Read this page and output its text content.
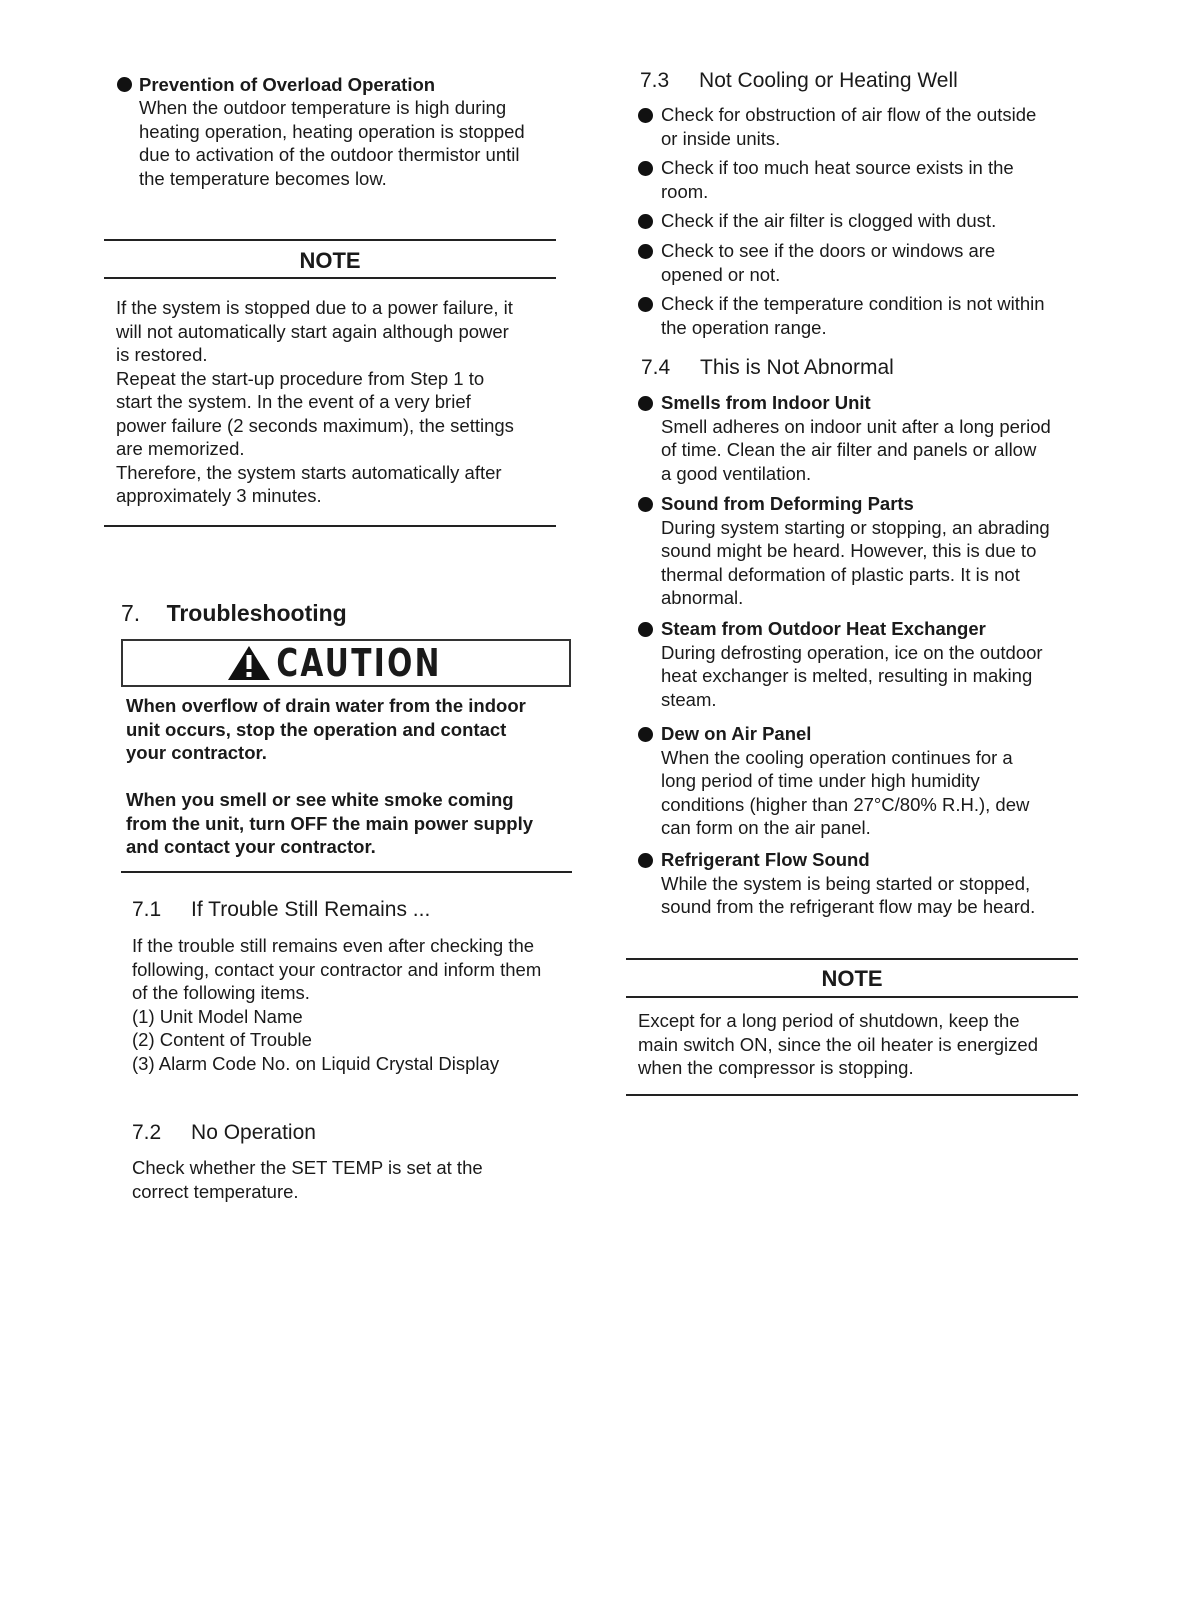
Prevention of Overload Operation
When the outdoor temperature is high during
heating operation, heating operation is stopped
due to activation of the outdoor thermistor until
the temperature becomes low.
NOTE
If the system is stopped due to a power failure, it
will not automatically start again although power
is restored.
Repeat the start-up procedure from Step 1 to
start the system. In the event of a very brief
power failure (2 seconds maximum), the settings
are memorized.
Therefore, the system starts automatically after
approximately 3 minutes.
7. Troubleshooting
CAUTION
When overflow of drain water from the indoor
unit occurs, stop the operation and contact
your contractor.
When you smell or see white smoke coming
from the unit, turn OFF the main power supply
and contact your contractor.
7.1 If Trouble Still Remains ...
If the trouble still remains even after checking the
following, contact your contractor and inform them
of the following items.
(1) Unit Model Name
(2) Content of Trouble
(3) Alarm Code No. on Liquid Crystal Display
7.2 No Operation
Check whether the SET TEMP is set at the
correct temperature.
7.3 Not Cooling or Heating Well
Check for obstruction of air flow of the outside
or inside units.
Check if too much heat source exists in the
room.
Check if the air filter is clogged with dust.
Check to see if the doors or windows are
opened or not.
Check if the temperature condition is not within
the operation range.
7.4 This is Not Abnormal
Smells from Indoor Unit
Smell adheres on indoor unit after a long period
of time. Clean the air filter and panels or allow
a good ventilation.
Sound from Deforming Parts
During system starting or stopping, an abrading
sound might be heard. However, this is due to
thermal deformation of plastic parts. It is not
abnormal.
Steam from Outdoor Heat Exchanger
During defrosting operation, ice on the outdoor
heat exchanger is melted, resulting in making
steam.
Dew on Air Panel
When the cooling operation continues for a
long period of time under high humidity
conditions (higher than 27°C/80% R.H.), dew
can form on the air panel.
Refrigerant Flow Sound
While the system is being started or stopped,
sound from the refrigerant flow may be heard.
NOTE
Except for a long period of shutdown, keep the
main switch ON, since the oil heater is energized
when the compressor is stopping.
